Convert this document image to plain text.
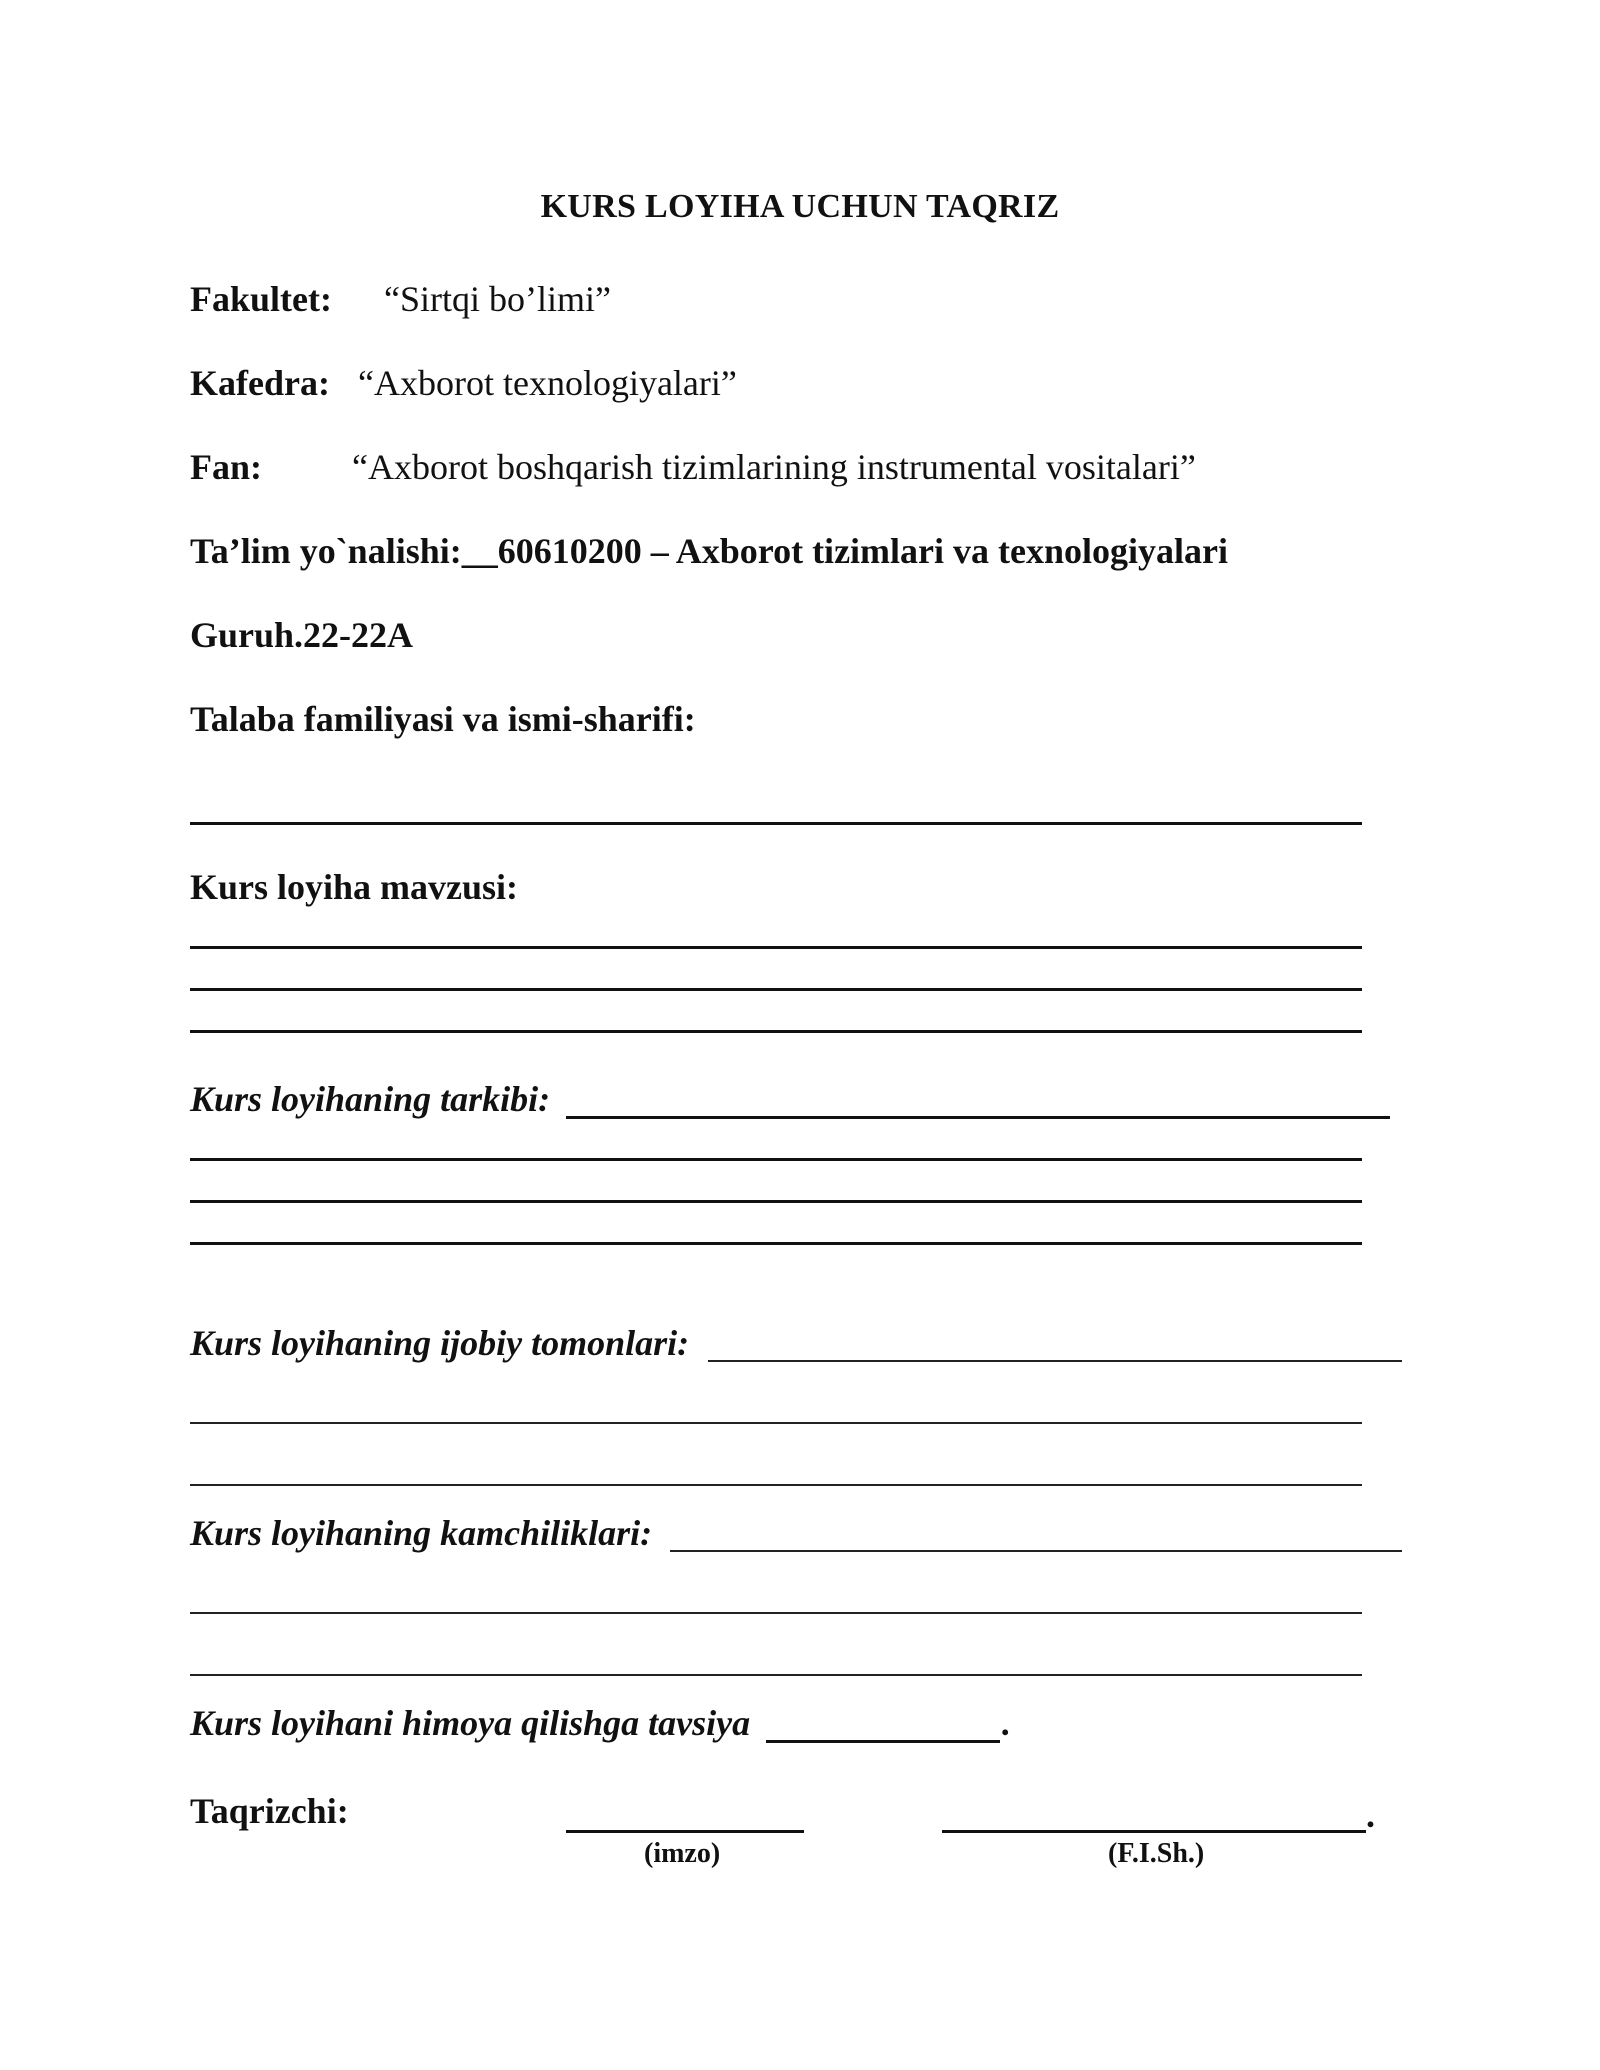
KURS LOYIHA UCHUN TAQRIZ
Fakultet: “Sirtqi bo’limi”
Kafedra: “Axborot texnologiyalari”
Fan:	“Axborot boshqarish tizimlarining instrumental vositalari”
Ta’lim yo`nalishi:__60610200 – Axborot tizimlari va texnologiyalari
Guruh.22-22A
Talaba familiyasi va ismi-sharifi:
Kurs loyiha mavzusi:
Kurs loyihaning tarkibi:
Kurs loyihaning ijobiy tomonlari:
Kurs loyihaning kamchiliklari:
Kurs loyihani himoya qilishga tavsiya	.
Taqrizchi:	.
(imzo)	(F.I.Sh.)
